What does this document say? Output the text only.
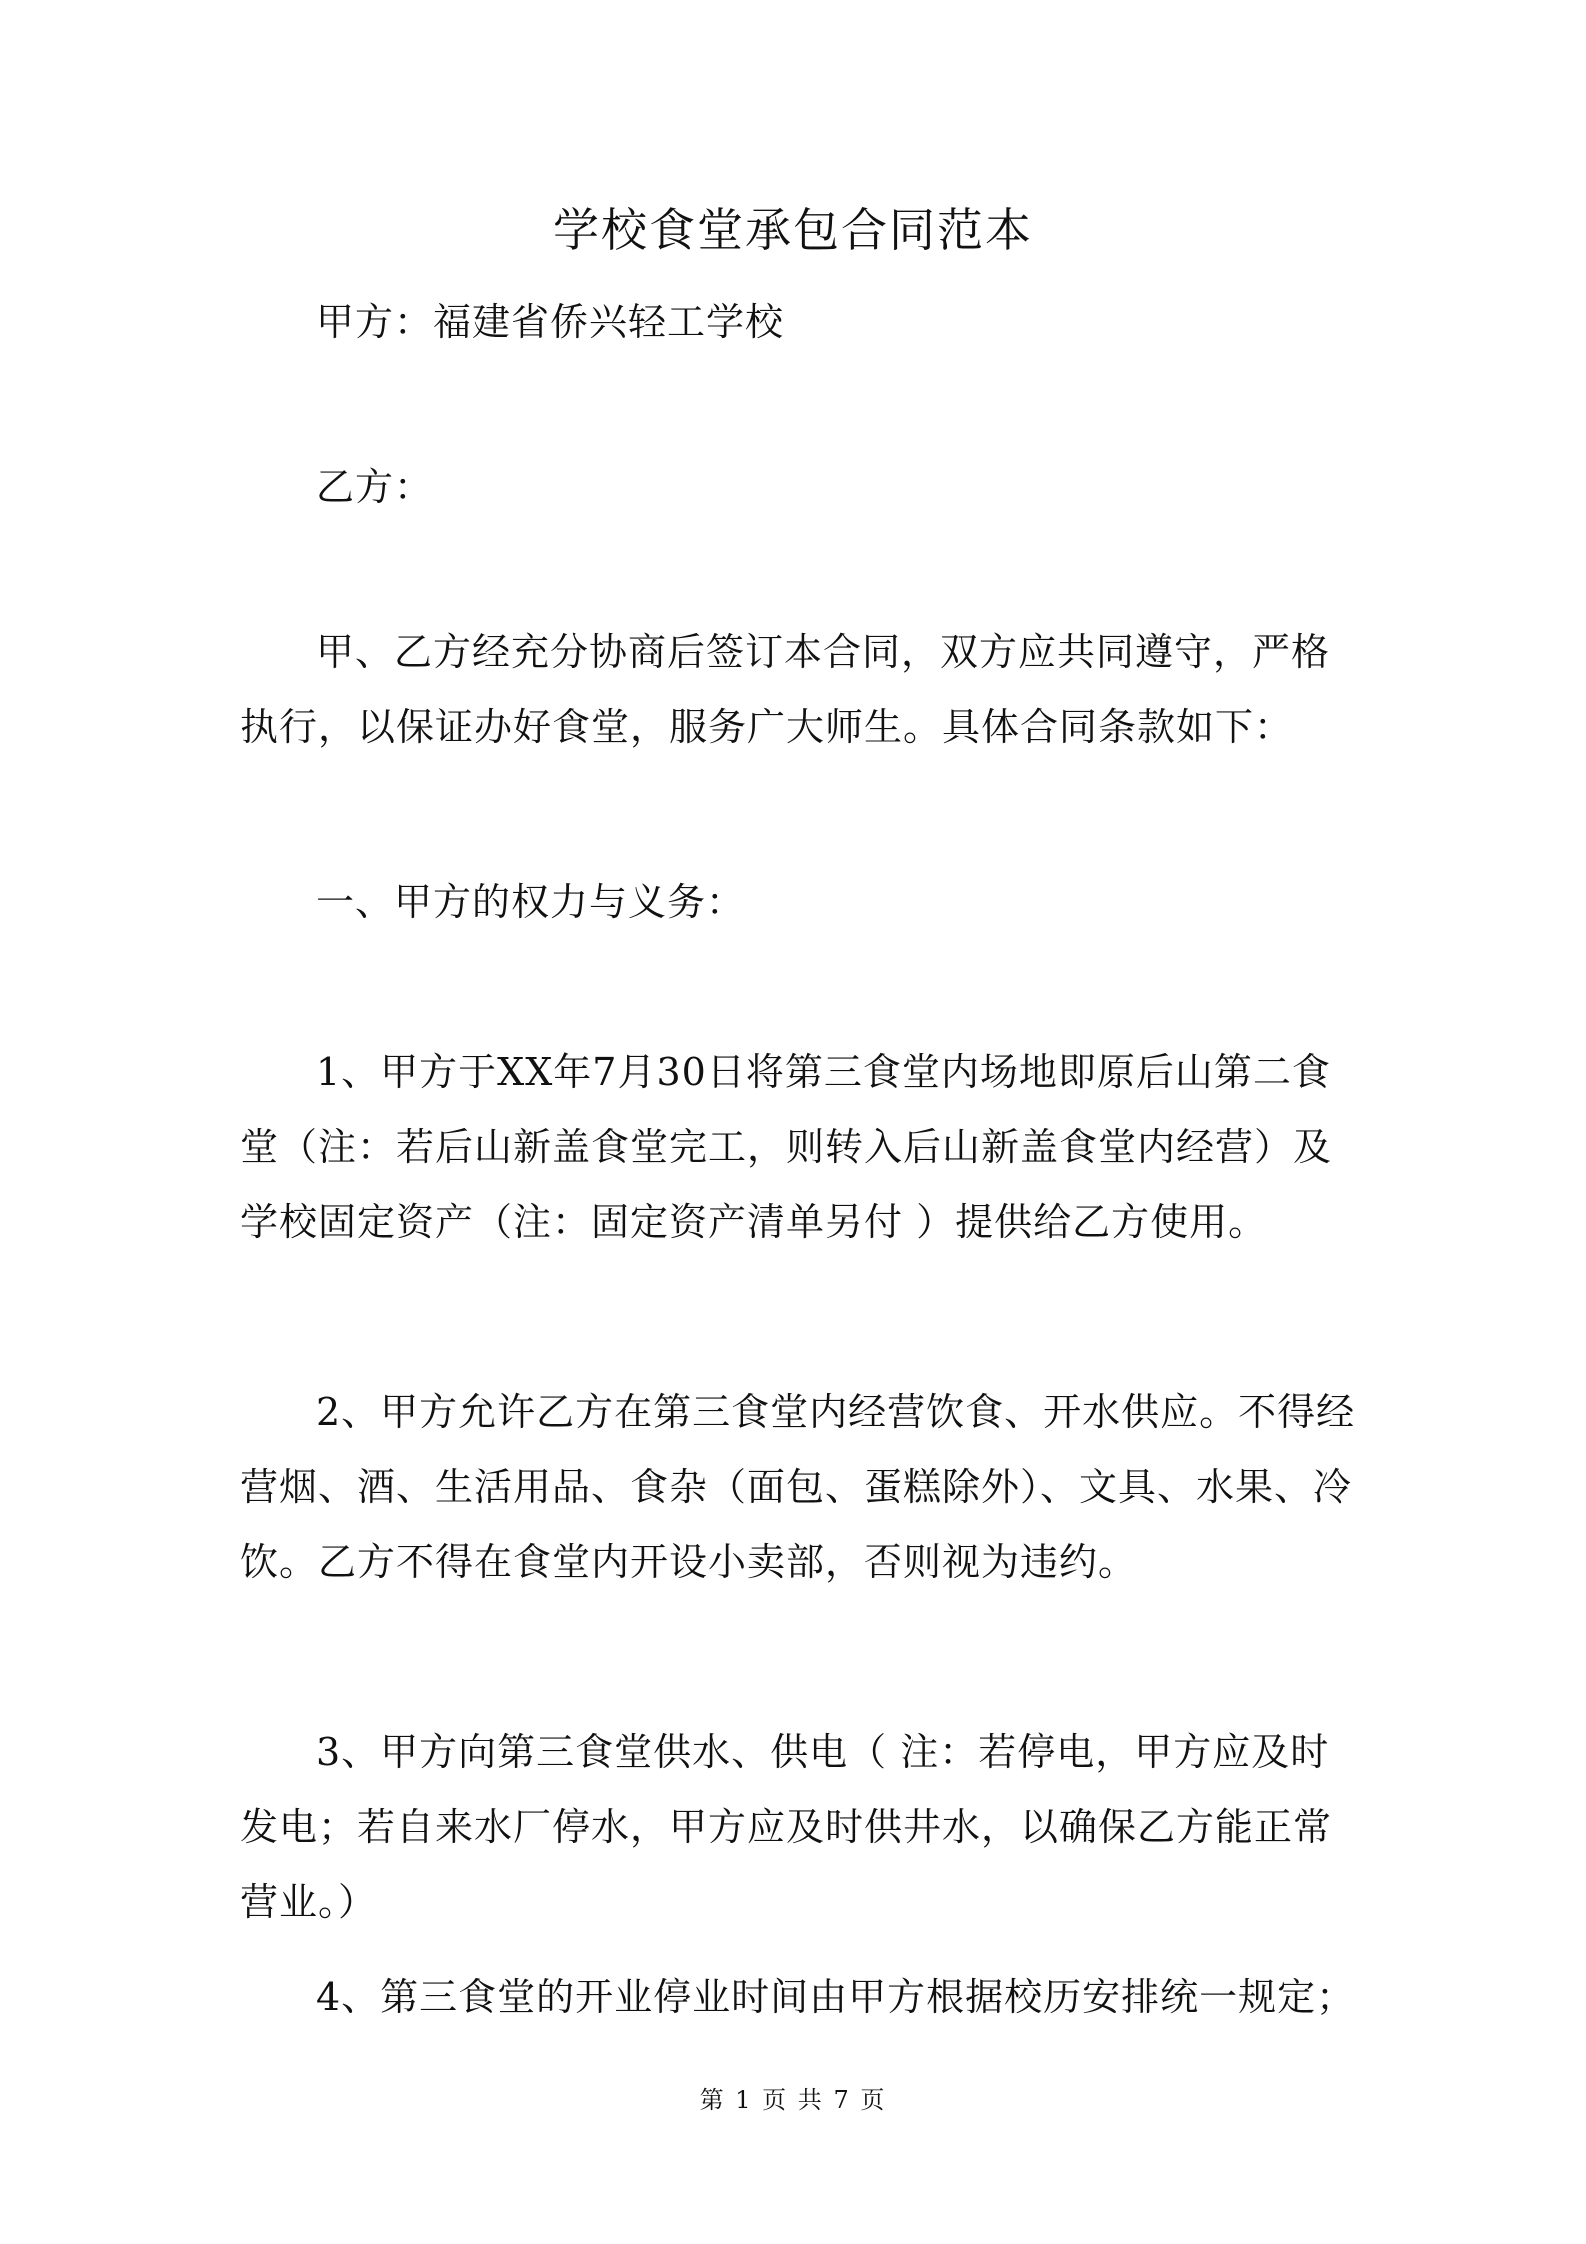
学校食堂承包合同范本

甲方：福建省侨兴轻工学校

乙方：

甲、乙方经充分协商后签订本合同，双方应共同遵守，严格执行，以保证办好食堂，服务广大师生。具体合同条款如下：

一、甲方的权力与义务：

1、甲方于XX年7月30日将第三食堂内场地即原后山第二食堂（注：若后山新盖食堂完工，则转入后山新盖食堂内经营）及学校固定资产（注：固定资产清单另付 ）提供给乙方使用。

2、甲方允许乙方在第三食堂内经营饮食、开水供应。不得经营烟、酒、生活用品、食杂（面包、蛋糕除外）、文具、水果、冷饮。乙方不得在食堂内开设小卖部，否则视为违约。

3、甲方向第三食堂供水、供电（ 注：若停电，甲方应及时发电；若自来水厂停水，甲方应及时供井水，以确保乙方能正常营业。）

4、第三食堂的开业停业时间由甲方根据校历安排统一规定；

第 1 页 共 7 页
